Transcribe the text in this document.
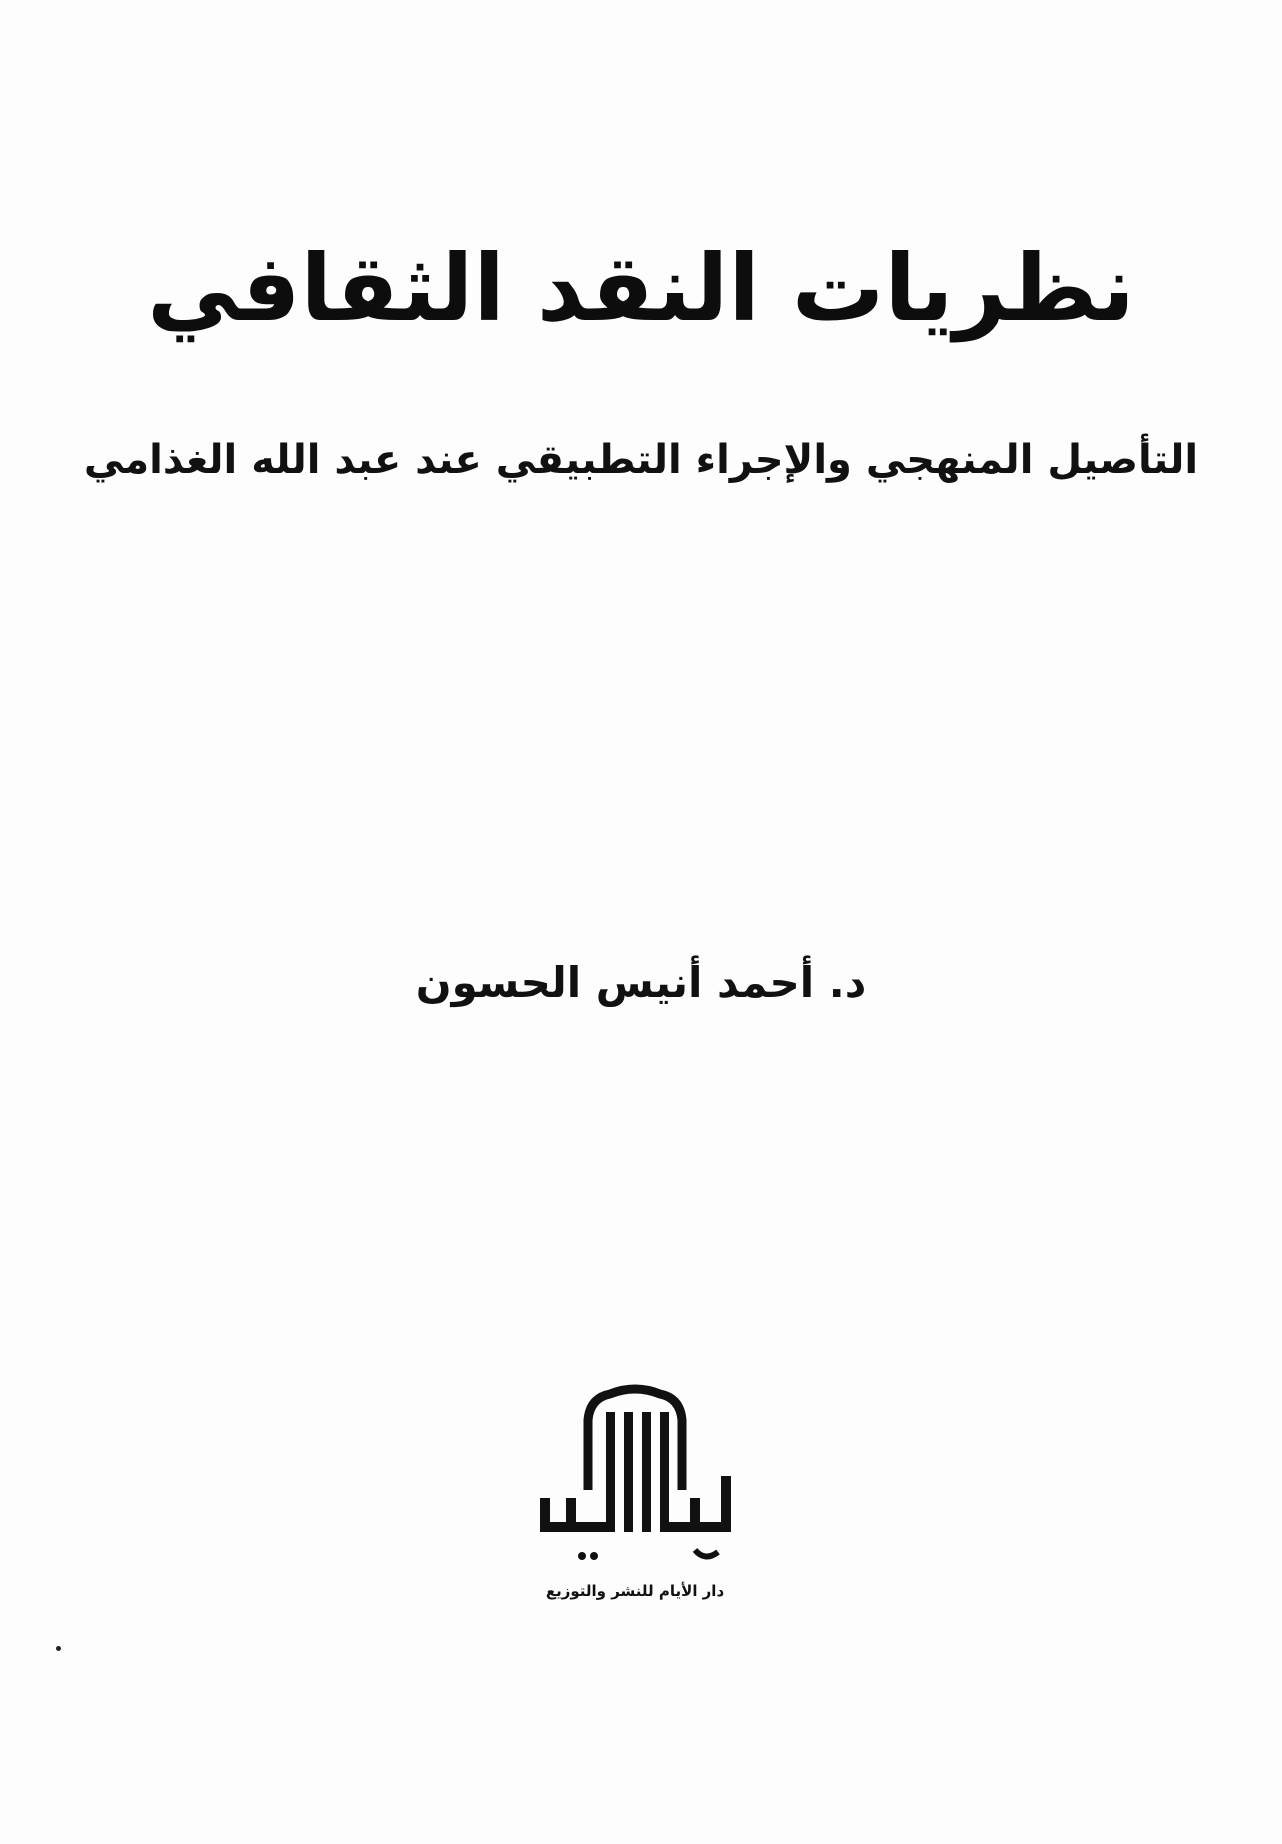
نظريات النقد الثقافي
التأصيل المنهجي والإجراء التطبيقي عند عبد الله الغذامي
د. أحمد أنيس الحسون
دار الأيام للنشر والتوزيع
